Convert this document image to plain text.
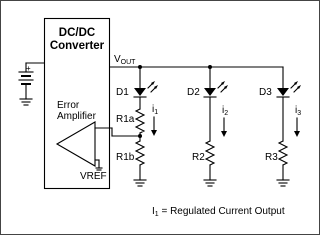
DC/DC
Converter
$V_{OUT}$
Error
Amplifier
VREF
+
−
D1	D2	D3
R1a
R1b	R2	R3
$i_1$	$i_2$	$i_3$
$I_1$ = Regulated Current Output
